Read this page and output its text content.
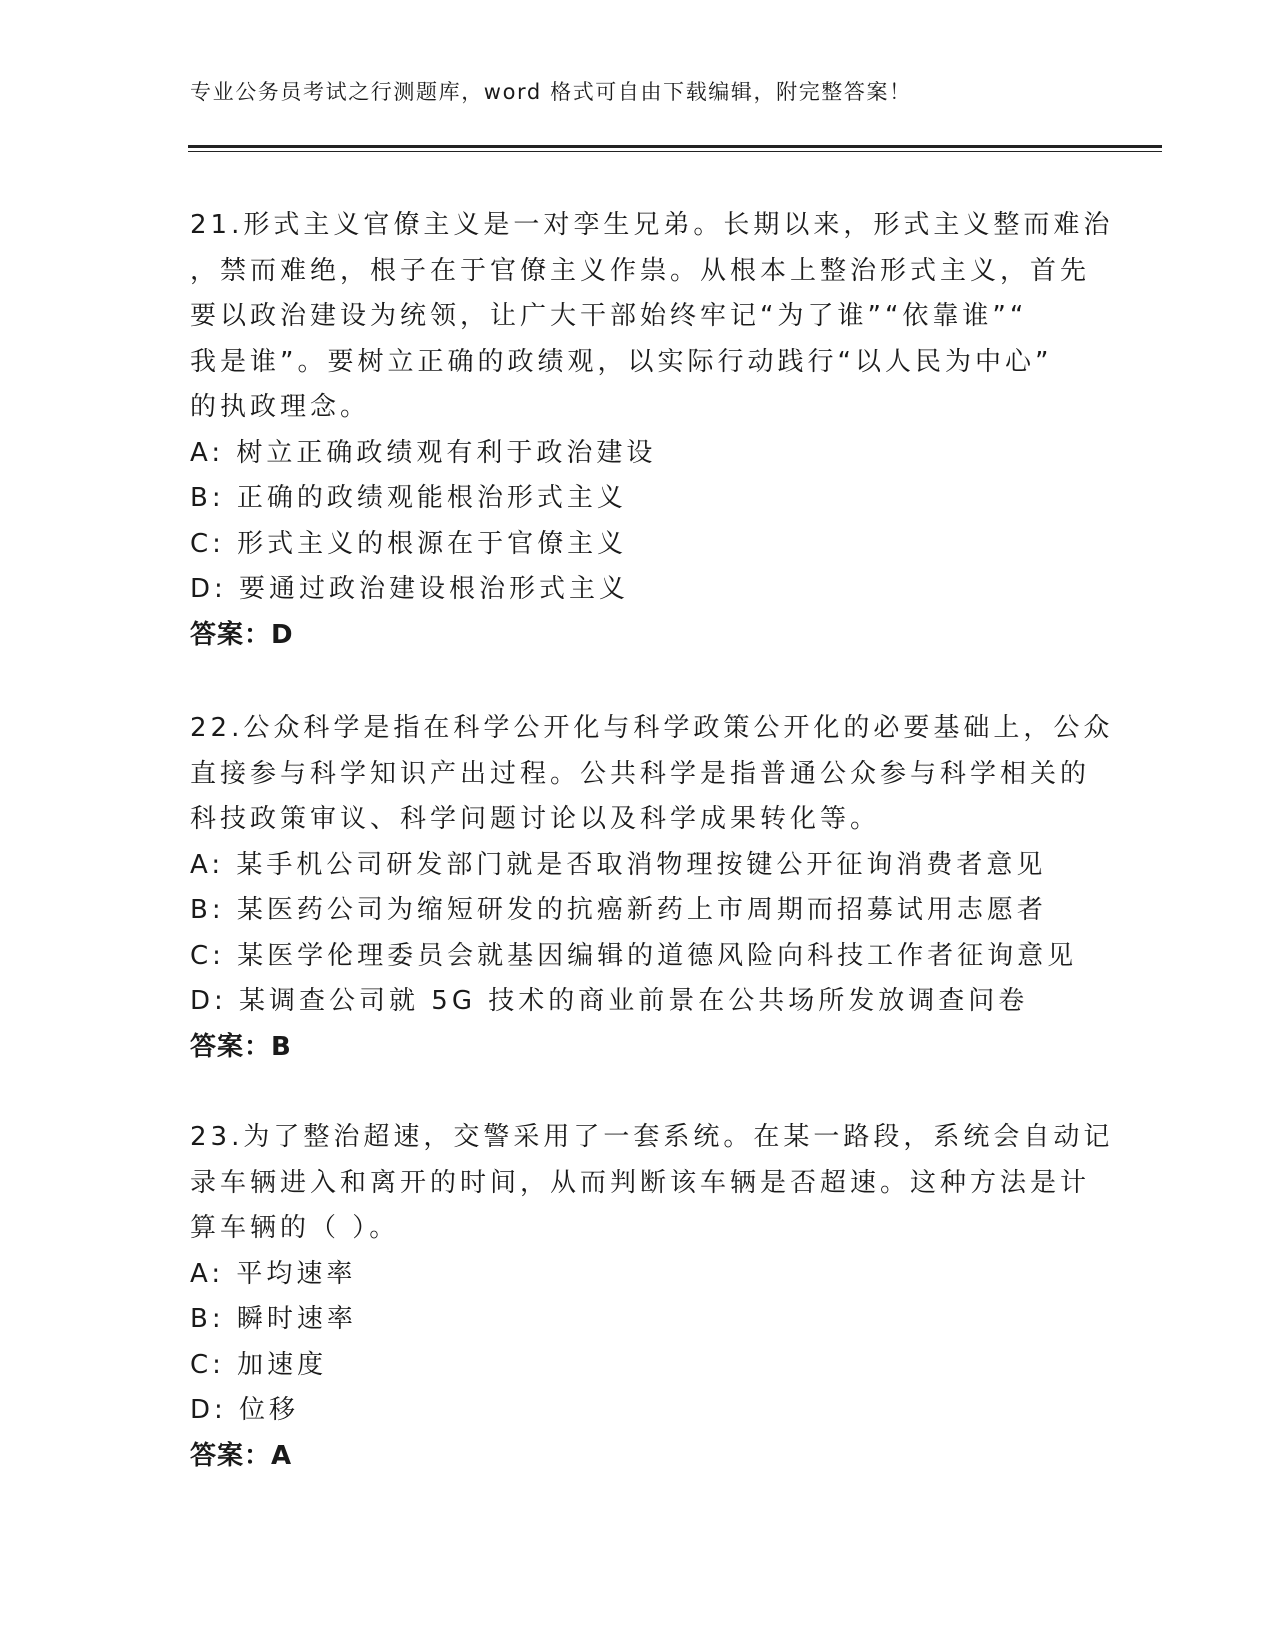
专业公务员考试之行测题库，word 格式可自由下载编辑，附完整答案！
21.形式主义官僚主义是一对孪生兄弟。长期以来，形式主义整而难治
，禁而难绝，根子在于官僚主义作祟。从根本上整治形式主义，首先
要以政治建设为统领，让广大干部始终牢记“为了谁”“依靠谁”“
我是谁”。要树立正确的政绩观，以实际行动践行“以人民为中心”
的执政理念。
A: 树立正确政绩观有利于政治建设
B: 正确的政绩观能根治形式主义
C: 形式主义的根源在于官僚主义
D: 要通过政治建设根治形式主义
答案：D
22.公众科学是指在科学公开化与科学政策公开化的必要基础上，公众
直接参与科学知识产出过程。公共科学是指普通公众参与科学相关的
科技政策审议、科学问题讨论以及科学成果转化等。
A: 某手机公司研发部门就是否取消物理按键公开征询消费者意见
B: 某医药公司为缩短研发的抗癌新药上市周期而招募试用志愿者
C: 某医学伦理委员会就基因编辑的道德风险向科技工作者征询意见
D: 某调查公司就 5G 技术的商业前景在公共场所发放调查问卷
答案：B
23.为了整治超速，交警采用了一套系统。在某一路段，系统会自动记
录车辆进入和离开的时间，从而判断该车辆是否超速。这种方法是计
算车辆的（ ）。
A: 平均速率
B: 瞬时速率
C: 加速度
D: 位移
答案：A
